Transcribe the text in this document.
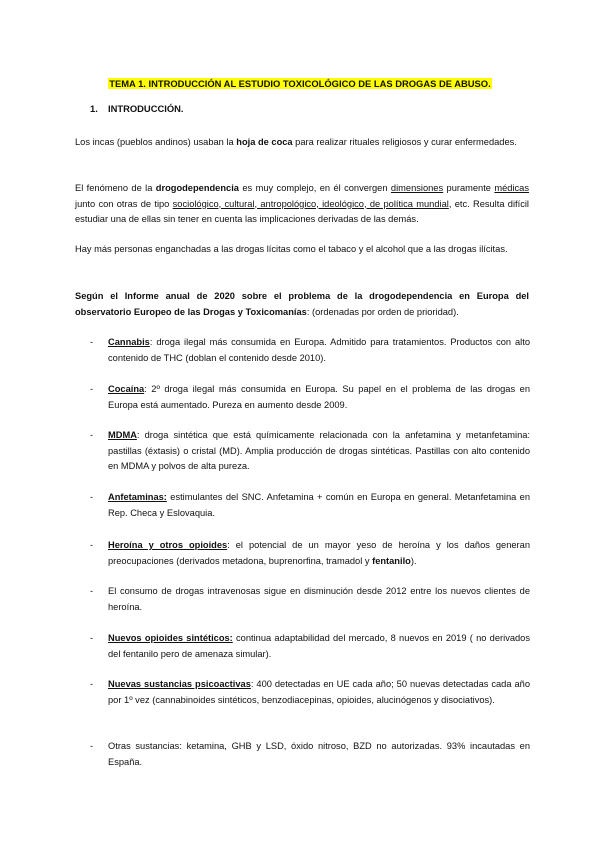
TEMA 1. INTRODUCCIÓN AL ESTUDIO TOXICOLÓGICO DE LAS DROGAS DE ABUSO.
1. INTRODUCCIÓN.
Los incas (pueblos andinos) usaban la hoja de coca para realizar rituales religiosos y curar enfermedades.
El fenómeno de la drogodependencia es muy complejo, en él convergen dimensiones puramente médicas junto con otras de tipo sociológico, cultural, antropológico, ideológico, de política mundial, etc. Resulta difícil estudiar una de ellas sin tener en cuenta las implicaciones derivadas de las demás.
Hay más personas enganchadas a las drogas lícitas como el tabaco y el alcohol que a las drogas ilícitas.
Según el Informe anual de 2020 sobre el problema de la drogodependencia en Europa del observatorio Europeo de las Drogas y Toxicomanías: (ordenadas por orden de prioridad).
- Cannabis: droga ilegal más consumida en Europa. Admitido para tratamientos. Productos con alto contenido de THC (doblan el contenido desde 2010).
- Cocaína: 2º droga ilegal más consumida en Europa. Su papel en el problema de las drogas en Europa está aumentado. Pureza en aumento desde 2009.
- MDMA: droga sintética que está químicamente relacionada con la anfetamina y metanfetamina: pastillas (éxtasis) o cristal (MD). Amplia producción de drogas sintéticas. Pastillas con alto contenido en MDMA y polvos de alta pureza.
- Anfetaminas: estimulantes del SNC. Anfetamina + común en Europa en general. Metanfetamina en Rep. Checa y Eslovaquia.
- Heroína y otros opioides: el potencial de un mayor yeso de heroína y los daños generan preocupaciones (derivados metadona, buprenorfina, tramadol y fentanilo).
- El consumo de drogas intravenosas sigue en disminución desde 2012 entre los nuevos clientes de heroína.
- Nuevos opioides sintéticos: continua adaptabilidad del mercado, 8 nuevos en 2019 ( no derivados del fentanilo pero de amenaza simular).
- Nuevas sustancias psicoactivas: 400 detectadas en UE cada año; 50 nuevas detectadas cada año por 1º vez (cannabinoides sintéticos, benzodiacepinas, opioides, alucinógenos y disociativos).
- Otras sustancias: ketamina, GHB y LSD, óxido nitroso, BZD no autorizadas. 93% incautadas en España.
